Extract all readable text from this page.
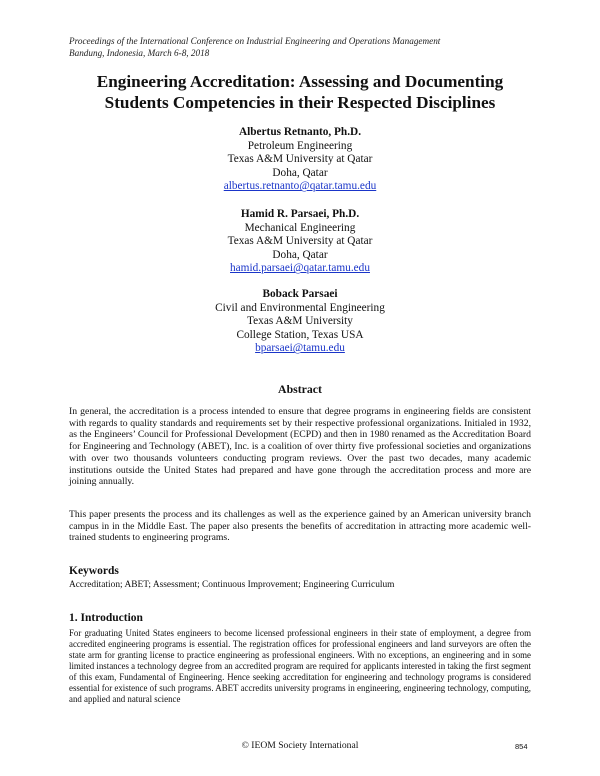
Proceedings of the International Conference on Industrial Engineering and Operations Management
Bandung, Indonesia, March 6-8, 2018
Engineering Accreditation: Assessing and Documenting
Students Competencies in their Respected Disciplines
Albertus Retnanto, Ph.D.
Petroleum Engineering
Texas A&M University at Qatar
Doha, Qatar
albertus.retnanto@qatar.tamu.edu
Hamid R. Parsaei, Ph.D.
Mechanical Engineering
Texas A&M University at Qatar
Doha, Qatar
hamid.parsaei@qatar.tamu.edu
Boback Parsaei
Civil and Environmental Engineering
Texas A&M University
College Station, Texas USA
bparsaei@tamu.edu
Abstract
In general, the accreditation is a process intended to ensure that degree programs in engineering fields are consistent with regards to quality standards and requirements set by their respective professional organizations. Initialed in 1932, as the Engineers’ Council for Professional Development (ECPD) and then in 1980 renamed as the Accreditation Board for Engineering and Technology (ABET), Inc. is a coalition of over thirty five professional societies and organizations with over two thousands volunteers conducting program reviews. Over the past two decades, many academic institutions outside the United States had prepared and have gone through the accreditation process and more are joining annually.
This paper presents the process and its challenges as well as the experience gained by an American university branch campus in in the Middle East. The paper also presents the benefits of accreditation in attracting more academic well-trained students to engineering programs.
Keywords
Accreditation; ABET; Assessment; Continuous Improvement; Engineering Curriculum
1. Introduction
For graduating United States engineers to become licensed professional engineers in their state of employment, a degree from accredited engineering programs is essential. The registration offices for professional engineers and land surveyors are often the state arm for granting license to practice engineering as professional engineers. With no exceptions, an engineering and in some limited instances a technology degree from an accredited program are required for applicants interested in taking the first segment of this exam, Fundamental of Engineering. Hence seeking accreditation for engineering and technology programs is considered essential for existence of such programs. ABET accredits university programs in engineering, engineering technology, computing, and applied and natural science
© IEOM Society International	854
